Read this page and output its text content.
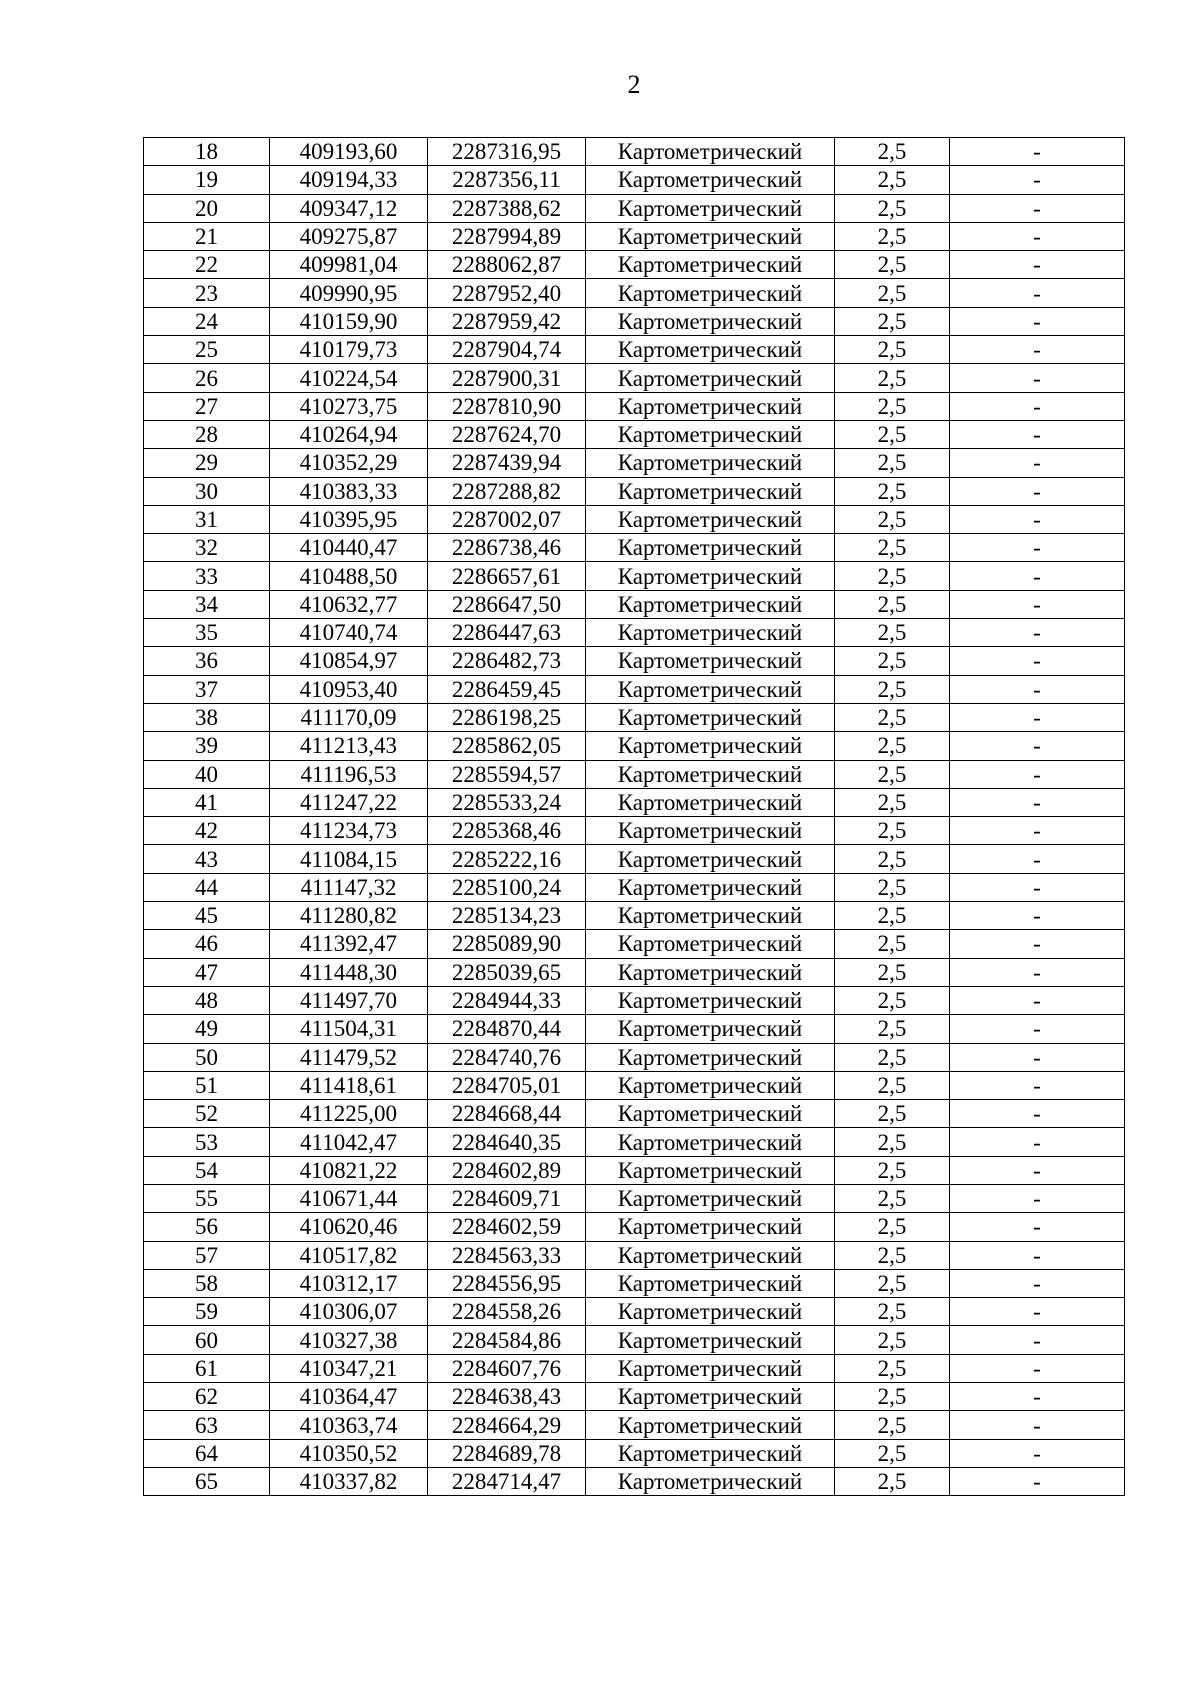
2
18	409193,60	2287316,95	Картометрический	2,5	-
19	409194,33	2287356,11	Картометрический	2,5	-
20	409347,12	2287388,62	Картометрический	2,5	-
21	409275,87	2287994,89	Картометрический	2,5	-
22	409981,04	2288062,87	Картометрический	2,5	-
23	409990,95	2287952,40	Картометрический	2,5	-
24	410159,90	2287959,42	Картометрический	2,5	-
25	410179,73	2287904,74	Картометрический	2,5	-
26	410224,54	2287900,31	Картометрический	2,5	-
27	410273,75	2287810,90	Картометрический	2,5	-
28	410264,94	2287624,70	Картометрический	2,5	-
29	410352,29	2287439,94	Картометрический	2,5	-
30	410383,33	2287288,82	Картометрический	2,5	-
31	410395,95	2287002,07	Картометрический	2,5	-
32	410440,47	2286738,46	Картометрический	2,5	-
33	410488,50	2286657,61	Картометрический	2,5	-
34	410632,77	2286647,50	Картометрический	2,5	-
35	410740,74	2286447,63	Картометрический	2,5	-
36	410854,97	2286482,73	Картометрический	2,5	-
37	410953,40	2286459,45	Картометрический	2,5	-
38	411170,09	2286198,25	Картометрический	2,5	-
39	411213,43	2285862,05	Картометрический	2,5	-
40	411196,53	2285594,57	Картометрический	2,5	-
41	411247,22	2285533,24	Картометрический	2,5	-
42	411234,73	2285368,46	Картометрический	2,5	-
43	411084,15	2285222,16	Картометрический	2,5	-
44	411147,32	2285100,24	Картометрический	2,5	-
45	411280,82	2285134,23	Картометрический	2,5	-
46	411392,47	2285089,90	Картометрический	2,5	-
47	411448,30	2285039,65	Картометрический	2,5	-
48	411497,70	2284944,33	Картометрический	2,5	-
49	411504,31	2284870,44	Картометрический	2,5	-
50	411479,52	2284740,76	Картометрический	2,5	-
51	411418,61	2284705,01	Картометрический	2,5	-
52	411225,00	2284668,44	Картометрический	2,5	-
53	411042,47	2284640,35	Картометрический	2,5	-
54	410821,22	2284602,89	Картометрический	2,5	-
55	410671,44	2284609,71	Картометрический	2,5	-
56	410620,46	2284602,59	Картометрический	2,5	-
57	410517,82	2284563,33	Картометрический	2,5	-
58	410312,17	2284556,95	Картометрический	2,5	-
59	410306,07	2284558,26	Картометрический	2,5	-
60	410327,38	2284584,86	Картометрический	2,5	-
61	410347,21	2284607,76	Картометрический	2,5	-
62	410364,47	2284638,43	Картометрический	2,5	-
63	410363,74	2284664,29	Картометрический	2,5	-
64	410350,52	2284689,78	Картометрический	2,5	-
65	410337,82	2284714,47	Картометрический	2,5	-
